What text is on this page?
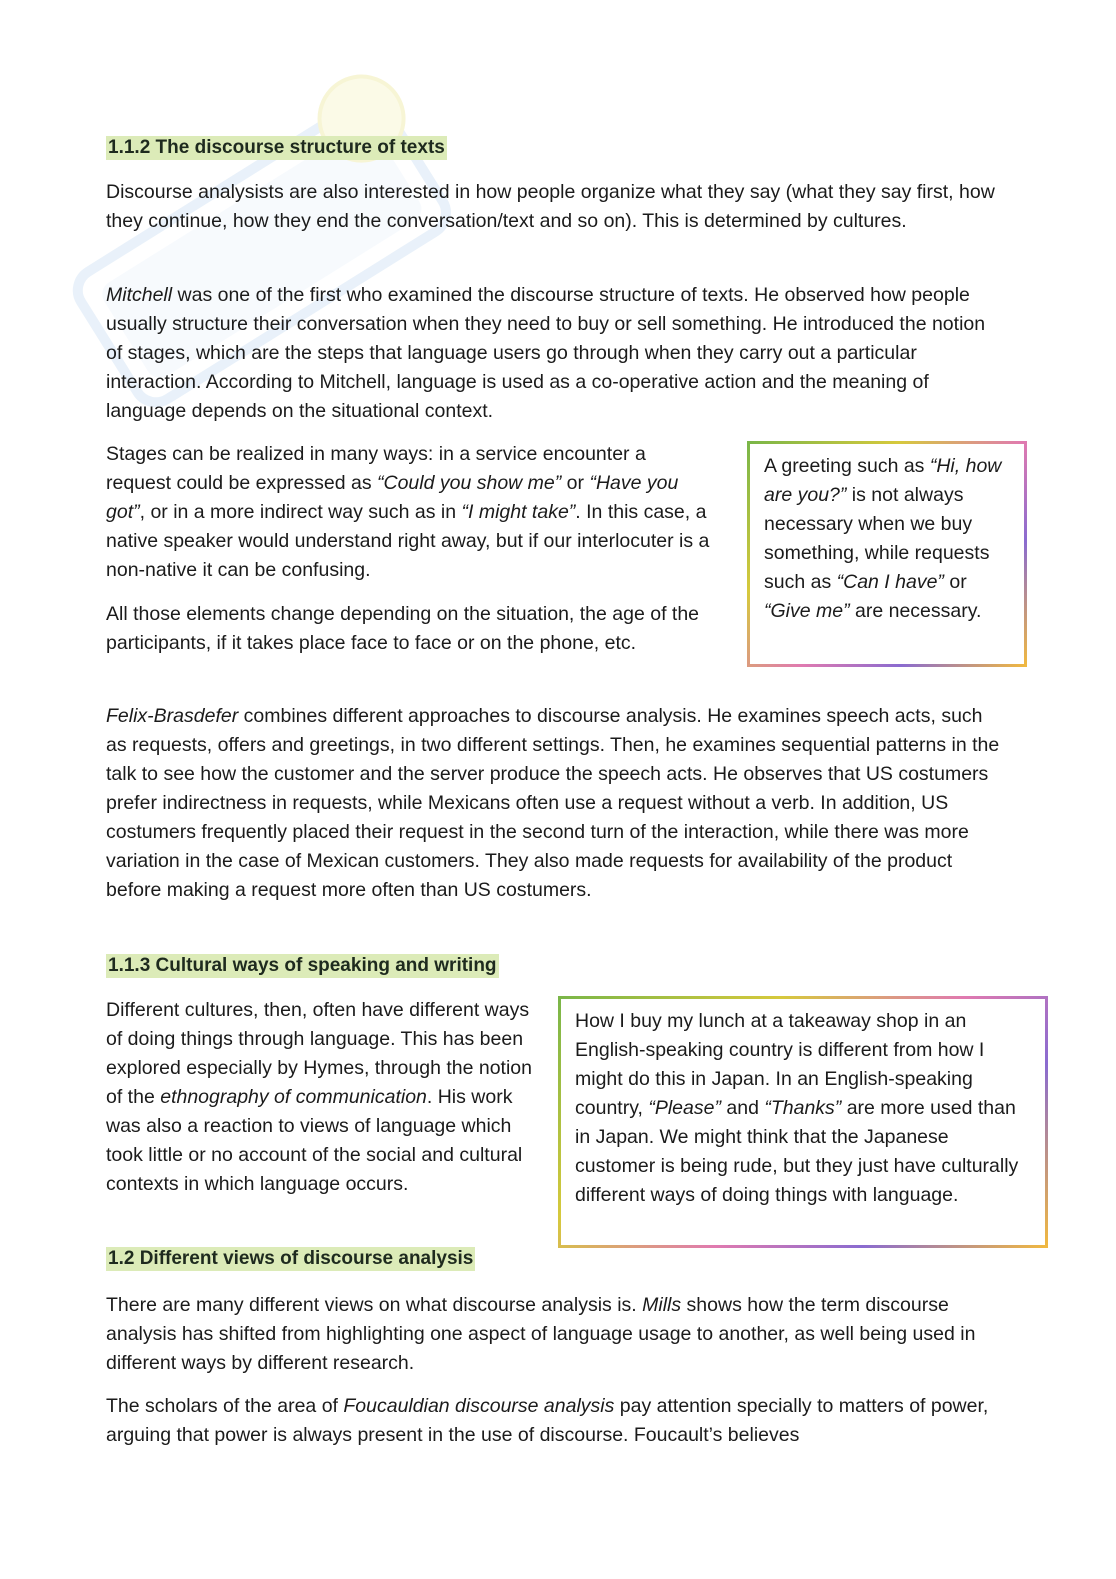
1.1.2 The discourse structure of texts

Discourse analysists are also interested in how people organize what they say (what they say first, how they continue, how they end the conversation/text and so on). This is determined by cultures.

Mitchell was one of the first who examined the discourse structure of texts. He observed how people usually structure their conversation when they need to buy or sell something. He introduced the notion of stages, which are the steps that language users go through when they carry out a particular interaction. According to Mitchell, language is used as a co-operative action and the meaning of language depends on the situational context.

Stages can be realized in many ways: in a service encounter a request could be expressed as “Could you show me” or “Have you got”, or in a more indirect way such as in “I might take”. In this case, a native speaker would understand right away, but if our interlocuter is a non-native it can be confusing.

All those elements change depending on the situation, the age of the participants, if it takes place face to face or on the phone, etc.

A greeting such as “Hi, how are you?” is not always necessary when we buy something, while requests such as “Can I have” or “Give me” are necessary.

Felix-Brasdefer combines different approaches to discourse analysis. He examines speech acts, such as requests, offers and greetings, in two different settings. Then, he examines sequential patterns in the talk to see how the customer and the server produce the speech acts. He observes that US costumers prefer indirectness in requests, while Mexicans often use a request without a verb. In addition, US costumers frequently placed their request in the second turn of the interaction, while there was more variation in the case of Mexican customers. They also made requests for availability of the product before making a request more often than US costumers.

1.1.3 Cultural ways of speaking and writing

Different cultures, then, often have different ways of doing things through language. This has been explored especially by Hymes, through the notion of the ethnography of communication. His work was also a reaction to views of language which took little or no account of the social and cultural contexts in which language occurs.

How I buy my lunch at a takeaway shop in an English-speaking country is different from how I might do this in Japan. In an English-speaking country, “Please” and “Thanks” are more used than in Japan. We might think that the Japanese customer is being rude, but they just have culturally different ways of doing things with language.
1.2 Different views of discourse analysis

There are many different views on what discourse analysis is. Mills shows how the term discourse analysis has shifted from highlighting one aspect of language usage to another, as well being used in different ways by different research.

The scholars of the area of Foucauldian discourse analysis pay attention specially to matters of power, arguing that power is always present in the use of discourse. Foucault’s believes
